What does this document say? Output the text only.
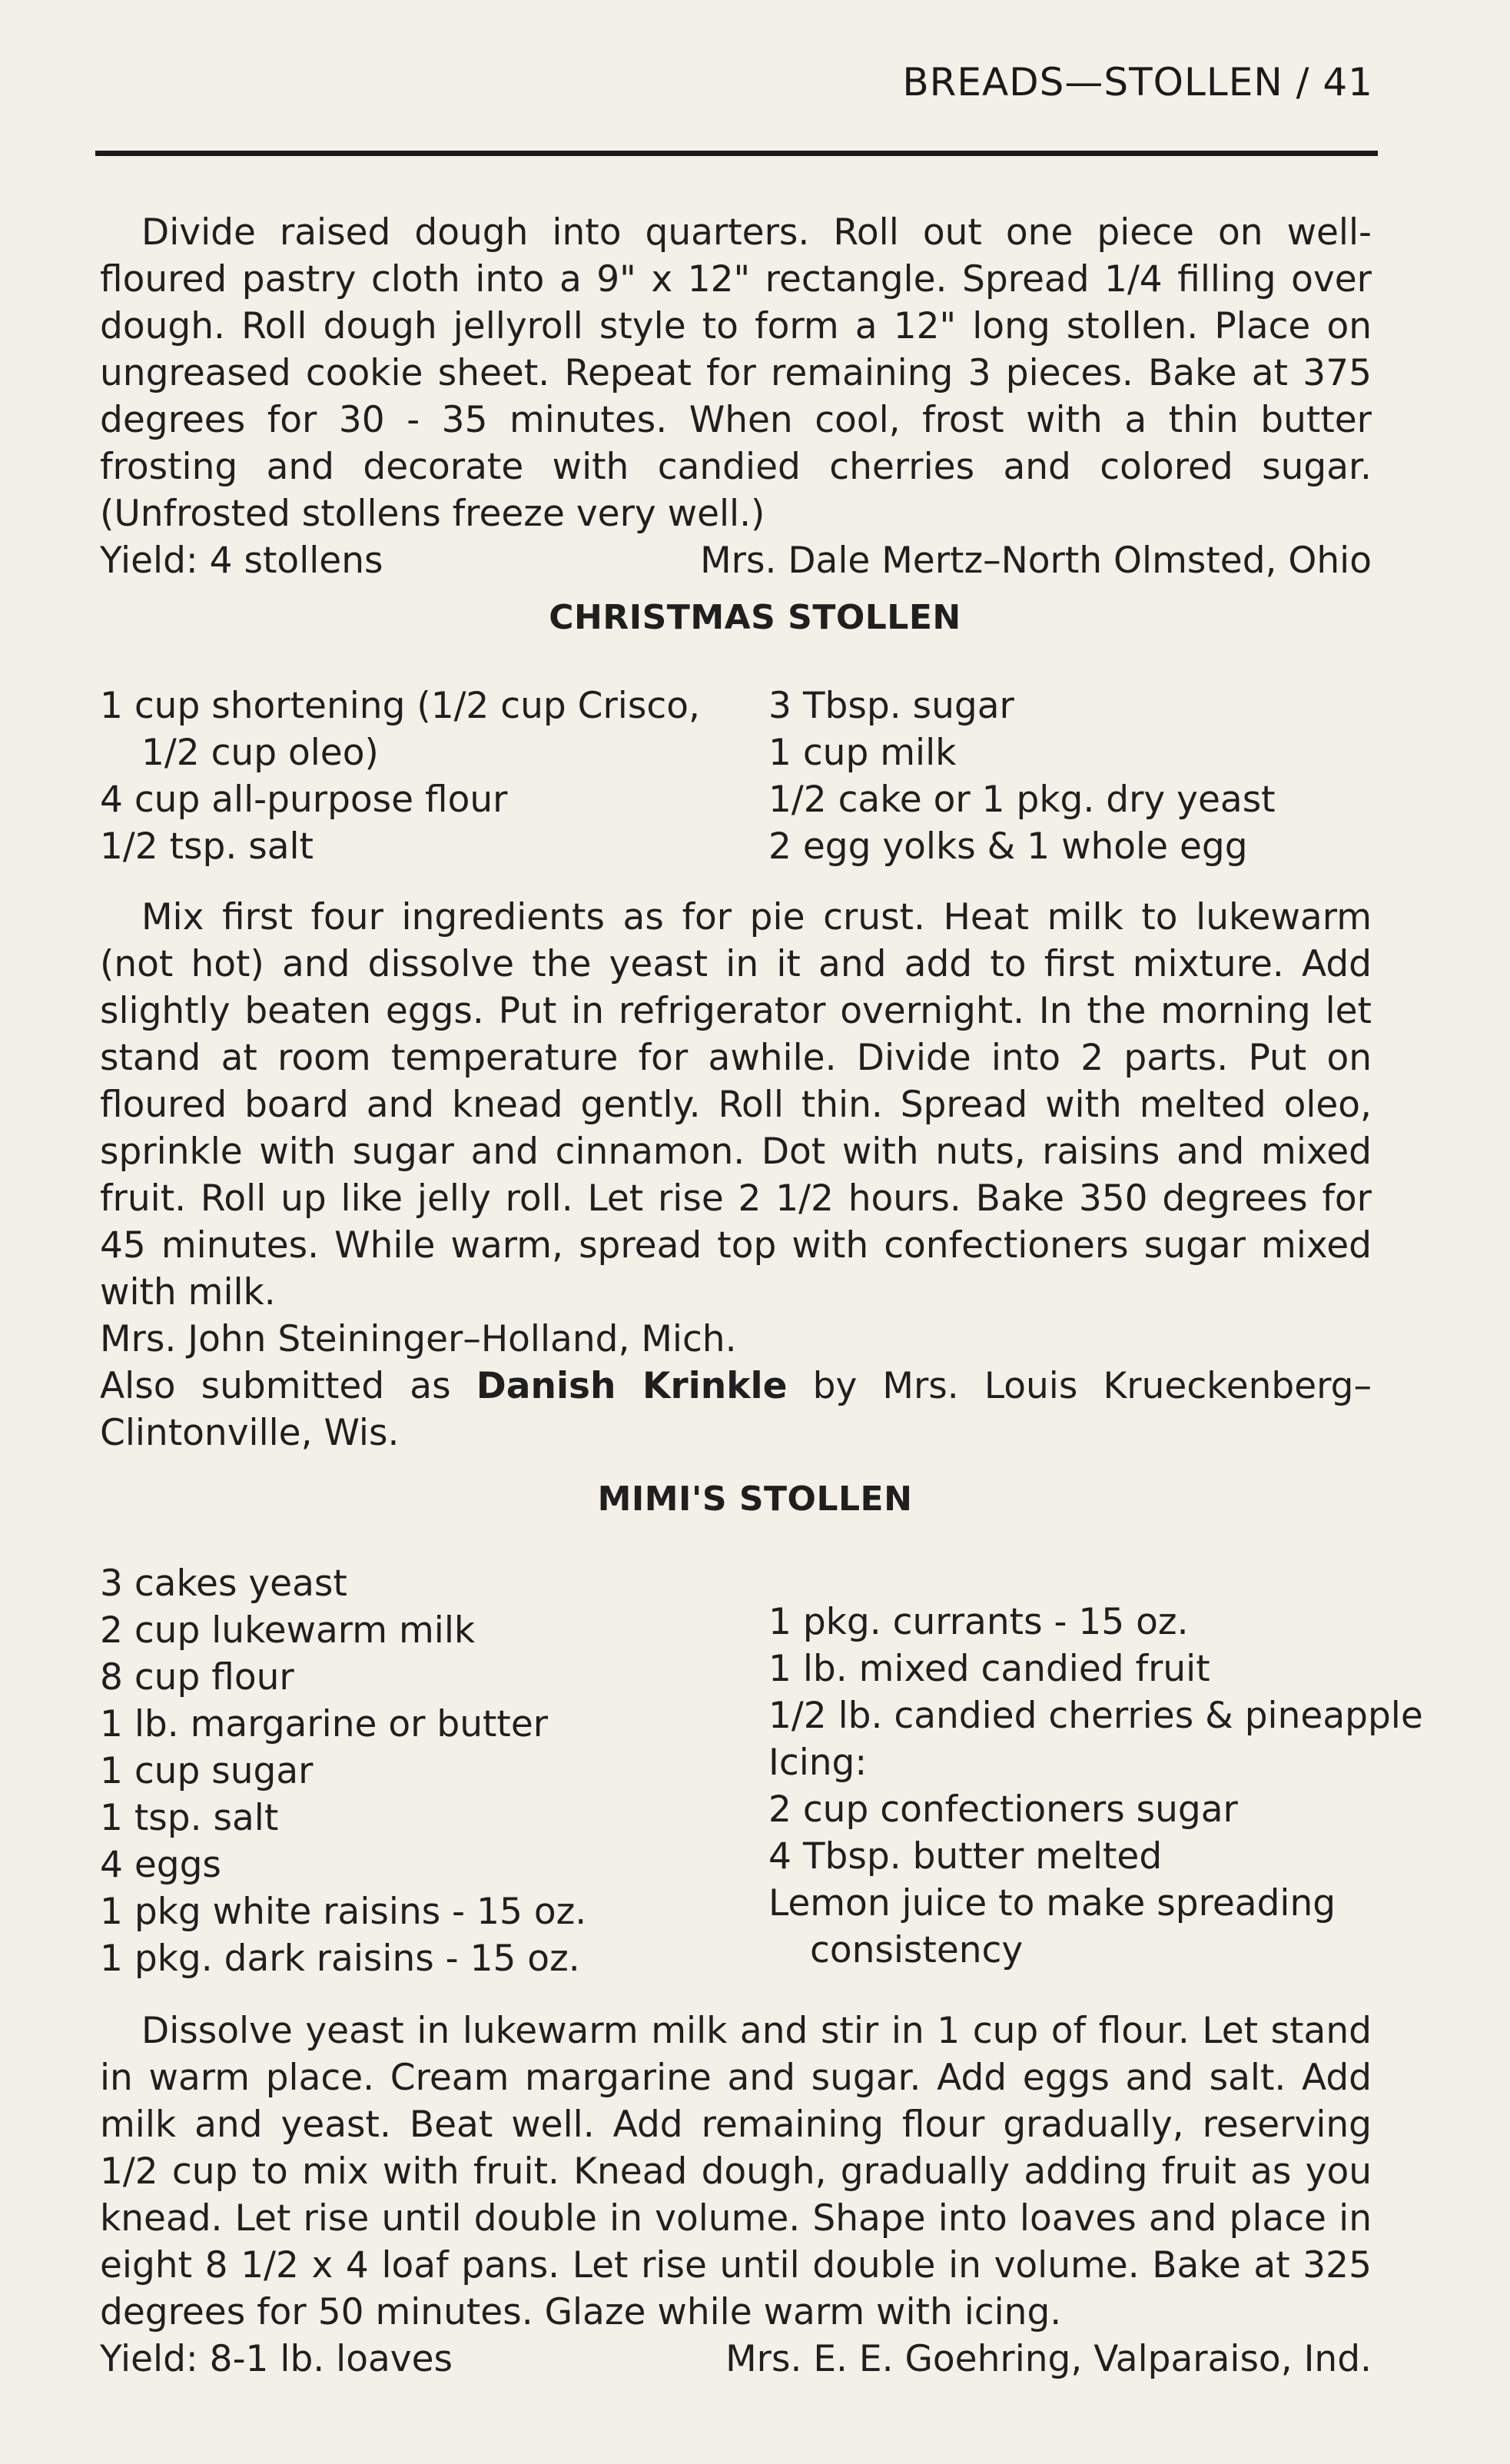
BREADS—STOLLEN / 41

Divide raised dough into quarters. Roll out one piece on well-floured pastry cloth into a 9" x 12" rectangle. Spread 1/4 filling over dough. Roll dough jellyroll style to form a 12" long stollen. Place on ungreased cookie sheet. Repeat for remaining 3 pieces. Bake at 375 degrees for 30 - 35 minutes. When cool, frost with a thin butter frosting and decorate with candied cherries and colored sugar. (Unfrosted stollens freeze very well.)

Yield: 4 stollens	Mrs. Dale Mertz–North Olmsted, Ohio
CHRISTMAS STOLLEN
1 cup shortening (1/2 cup Crisco,
1/2 cup oleo)
4 cup all-purpose flour
1/2 tsp. salt
3 Tbsp. sugar
1 cup milk
1/2 cake or 1 pkg. dry yeast
2 egg yolks & 1 whole egg

Mix first four ingredients as for pie crust. Heat milk to lukewarm (not hot) and dissolve the yeast in it and add to first mixture. Add slightly beaten eggs. Put in refrigerator overnight. In the morning let stand at room temperature for awhile. Divide into 2 parts. Put on floured board and knead gently. Roll thin. Spread with melted oleo, sprinkle with sugar and cinnamon. Dot with nuts, raisins and mixed fruit. Roll up like jelly roll. Let rise 2 1/2 hours. Bake 350 degrees for 45 minutes. While warm, spread top with confectioners sugar mixed with milk.

Mrs. John Steininger–Holland, Mich.

Also submitted as Danish Krinkle by Mrs. Louis Krueckenberg–Clintonville, Wis.

MIMI'S STOLLEN
3 cakes yeast
2 cup lukewarm milk
8 cup flour
1 lb. margarine or butter
1 cup sugar
1 tsp. salt
4 eggs
1 pkg white raisins - 15 oz.
1 pkg. dark raisins - 15 oz.
1 pkg. currants - 15 oz.
1 lb. mixed candied fruit
1/2 lb. candied cherries & pineapple
Icing:
2 cup confectioners sugar
4 Tbsp. butter melted
Lemon juice to make spreading
consistency

Dissolve yeast in lukewarm milk and stir in 1 cup of flour. Let stand in warm place. Cream margarine and sugar. Add eggs and salt. Add milk and yeast. Beat well. Add remaining flour gradually, reserving 1/2 cup to mix with fruit. Knead dough, gradually adding fruit as you knead. Let rise until double in volume. Shape into loaves and place in eight 8 1/2 x 4 loaf pans. Let rise until double in volume. Bake at 325 degrees for 50 minutes. Glaze while warm with icing.

Yield: 8-1 lb. loaves	Mrs. E. E. Goehring, Valparaiso, Ind.
